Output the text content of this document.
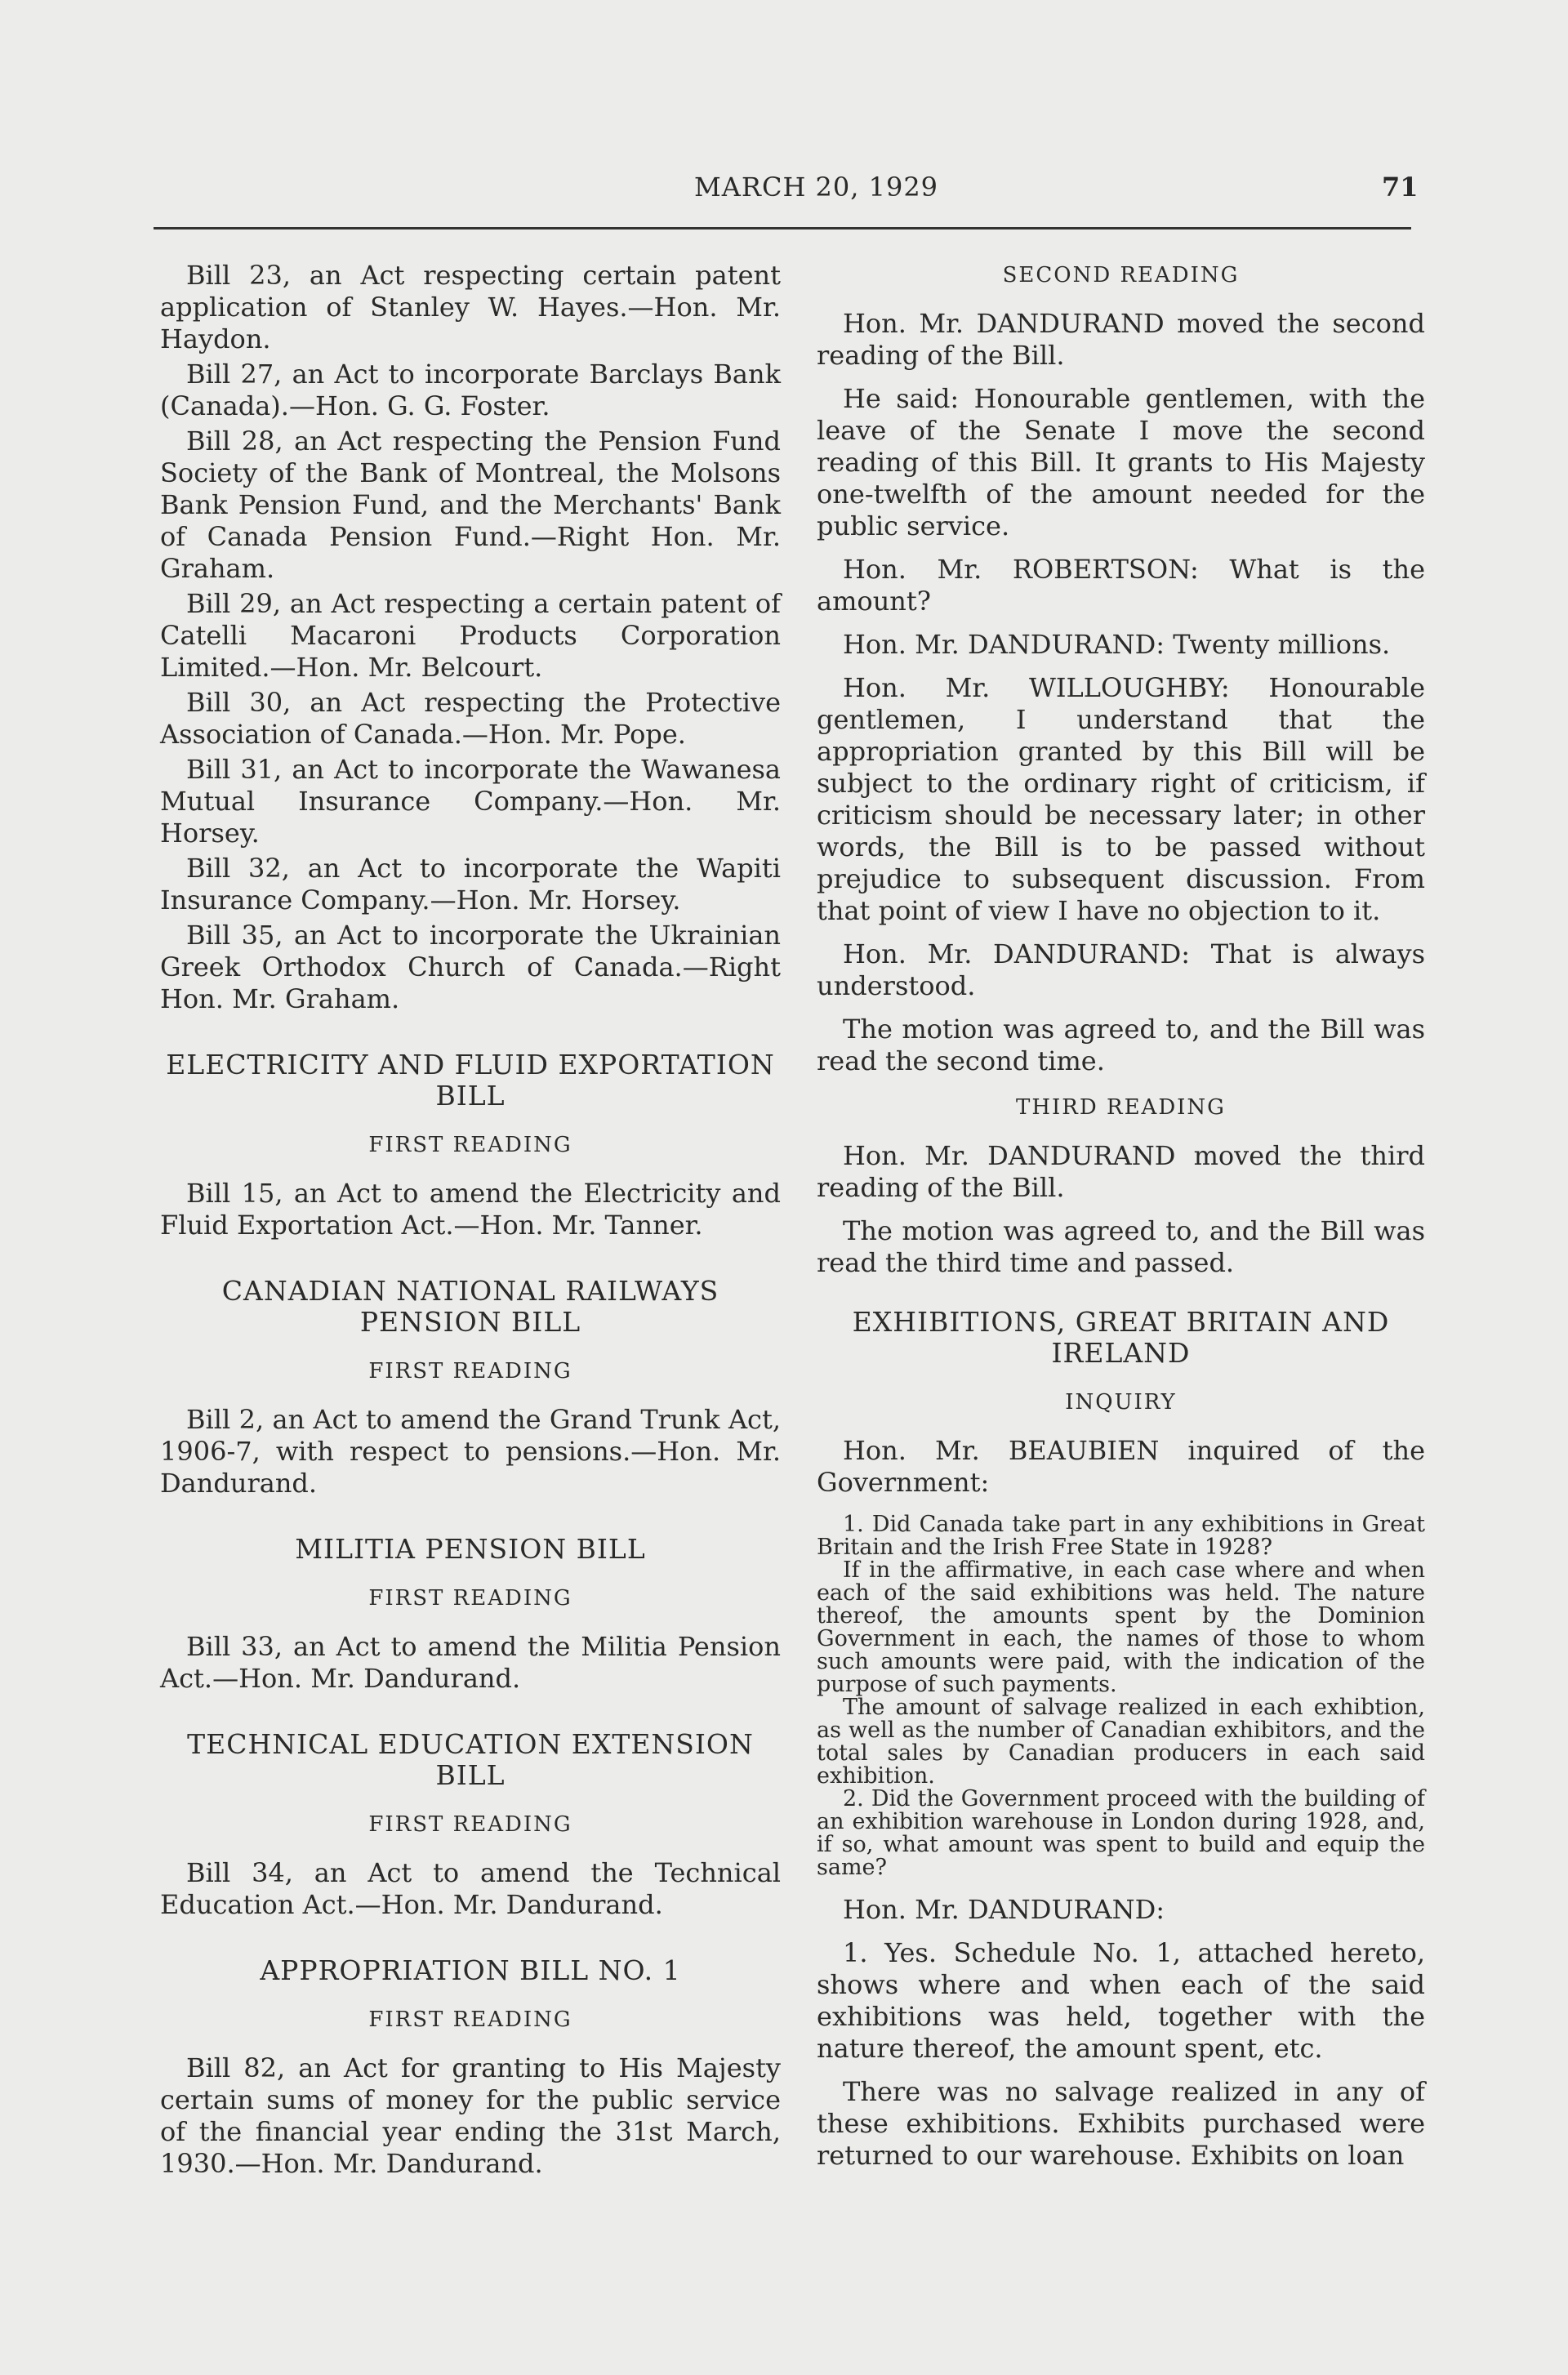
MARCH 20, 1929	71

Bill 23, an Act respecting certain patent application of Stanley W. Hayes.—Hon. Mr. Haydon.

Bill 27, an Act to incorporate Barclays Bank (Canada).—Hon. G. G. Foster.

Bill 28, an Act respecting the Pension Fund Society of the Bank of Montreal, the Molsons Bank Pension Fund, and the Merchants' Bank of Canada Pension Fund.—Right Hon. Mr. Graham.

Bill 29, an Act respecting a certain patent of Catelli Macaroni Products Corporation Limited.—Hon. Mr. Belcourt.

Bill 30, an Act respecting the Protective Association of Canada.—Hon. Mr. Pope.

Bill 31, an Act to incorporate the Wawanesa Mutual Insurance Company.—Hon. Mr. Horsey.

Bill 32, an Act to incorporate the Wapiti Insurance Company.—Hon. Mr. Horsey.

Bill 35, an Act to incorporate the Ukrainian Greek Orthodox Church of Canada.—Right Hon. Mr. Graham.

ELECTRICITY AND FLUID EXPORTATION BILL
FIRST READING

Bill 15, an Act to amend the Electricity and Fluid Exportation Act.—Hon. Mr. Tanner.

CANADIAN NATIONAL RAILWAYS PENSION BILL
FIRST READING

Bill 2, an Act to amend the Grand Trunk Act, 1906-7, with respect to pensions.—Hon. Mr. Dandurand.

MILITIA PENSION BILL
FIRST READING

Bill 33, an Act to amend the Militia Pension Act.—Hon. Mr. Dandurand.

TECHNICAL EDUCATION EXTENSION BILL
FIRST READING

Bill 34, an Act to amend the Technical Education Act.—Hon. Mr. Dandurand.

APPROPRIATION BILL NO. 1
FIRST READING

Bill 82, an Act for granting to His Majesty certain sums of money for the public service of the financial year ending the 31st March, 1930.—Hon. Mr. Dandurand.

SECOND READING

Hon. Mr. DANDURAND moved the second reading of the Bill.

He said: Honourable gentlemen, with the leave of the Senate I move the second reading of this Bill. It grants to His Majesty one-twelfth of the amount needed for the public service.

Hon. Mr. ROBERTSON: What is the amount?

Hon. Mr. DANDURAND: Twenty millions.

Hon. Mr. WILLOUGHBY: Honourable gentlemen, I understand that the appropriation granted by this Bill will be subject to the ordinary right of criticism, if criticism should be necessary later; in other words, the Bill is to be passed without prejudice to subsequent discussion. From that point of view I have no objection to it.

Hon. Mr. DANDURAND: That is always understood.

The motion was agreed to, and the Bill was read the second time.

THIRD READING

Hon. Mr. DANDURAND moved the third reading of the Bill.

The motion was agreed to, and the Bill was read the third time and passed.

EXHIBITIONS, GREAT BRITAIN AND IRELAND
INQUIRY

Hon. Mr. BEAUBIEN inquired of the Government:

1. Did Canada take part in any exhibitions in Great Britain and the Irish Free State in 1928?

If in the affirmative, in each case where and when each of the said exhibitions was held. The nature thereof, the amounts spent by the Dominion Government in each, the names of those to whom such amounts were paid, with the indication of the purpose of such payments.

The amount of salvage realized in each exhibtion, as well as the number of Canadian exhibitors, and the total sales by Canadian producers in each said exhibition.

2. Did the Government proceed with the building of an exhibition warehouse in London during 1928, and, if so, what amount was spent to build and equip the same?

Hon. Mr. DANDURAND:

1. Yes. Schedule No. 1, attached hereto, shows where and when each of the said exhibitions was held, together with the nature thereof, the amount spent, etc.

There was no salvage realized in any of these exhibitions. Exhibits purchased were returned to our warehouse. Exhibits on loan
